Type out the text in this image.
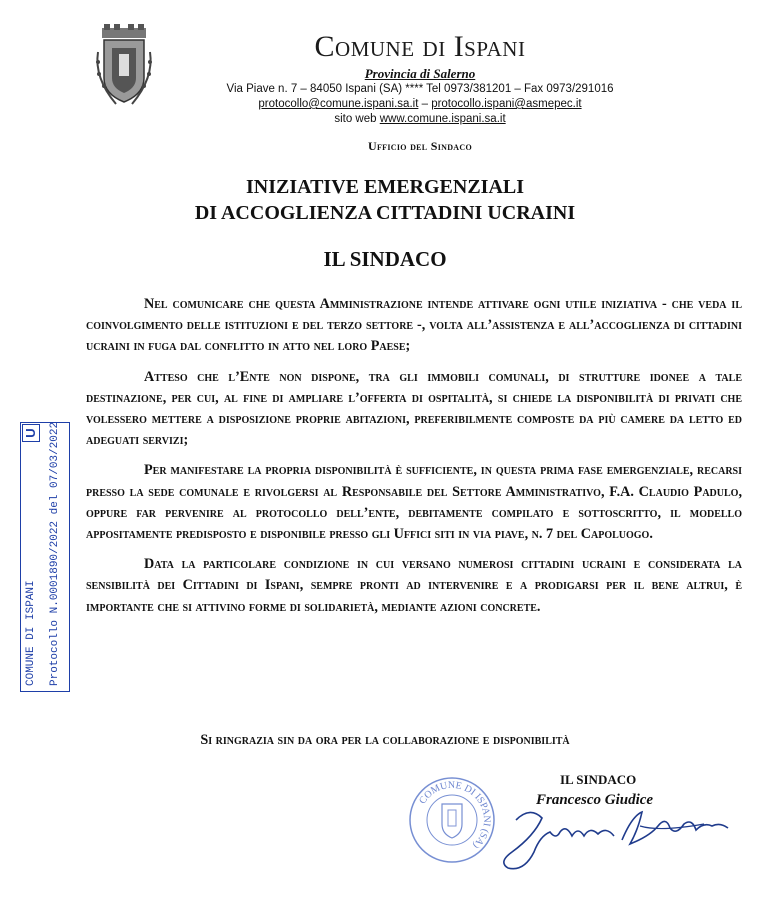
Comune di Ispani
Provincia di Salerno
Via Piave n. 7 – 84050 Ispani (SA) **** Tel 0973/381201 – Fax 0973/291016
protocollo@comune.ispani.sa.it – protocollo.ispani@asmepec.it
sito web www.comune.ispani.sa.it
Ufficio del Sindaco
INIZIATIVE EMERGENZIALI
DI ACCOGLIENZA CITTADINI UCRAINI
IL SINDACO

Nel comunicare che questa Amministrazione intende attivare ogni utile iniziativa - che veda il coinvolgimento delle istituzioni e del terzo settore -, volta all’assistenza e all’accoglienza di cittadini ucraini in fuga dal conflitto in atto nel loro Paese;

Atteso che l’Ente non dispone, tra gli immobili comunali, di strutture idonee a tale destinazione, per cui, al fine di ampliare l’offerta di ospitalità, si chiede la disponibilità di privati che volessero mettere a disposizione proprie abitazioni, preferibilmente composte da più camere da letto ed adeguati servizi;

Per manifestare la propria disponibilità è sufficiente, in questa prima fase emergenziale, recarsi presso la sede comunale e rivolgersi al Responsabile del Settore Amministrativo, F.A. Claudio Padulo, oppure far pervenire al protocollo dell’ente, debitamente compilato e sottoscritto, il modello appositamente predisposto e disponibile presso gli Uffici siti in via piave, n. 7 del Capoluogo.

Data la particolare condizione in cui versano numerosi cittadini ucraini e considerata la sensibilità dei Cittadini di Ispani, sempre pronti ad intervenire e a prodigarsi per il bene altrui, è importante che si attivino forme di solidarietà, mediante azioni concrete.

Si ringrazia sin da ora per la collaborazione e disponibilità
COMUNE DI ISPANI Protocollo N.0001890/2022 del 07/03/2022
U
COMUNE DI ISPANI (SA)
IL SINDACO
Francesco Giudice
